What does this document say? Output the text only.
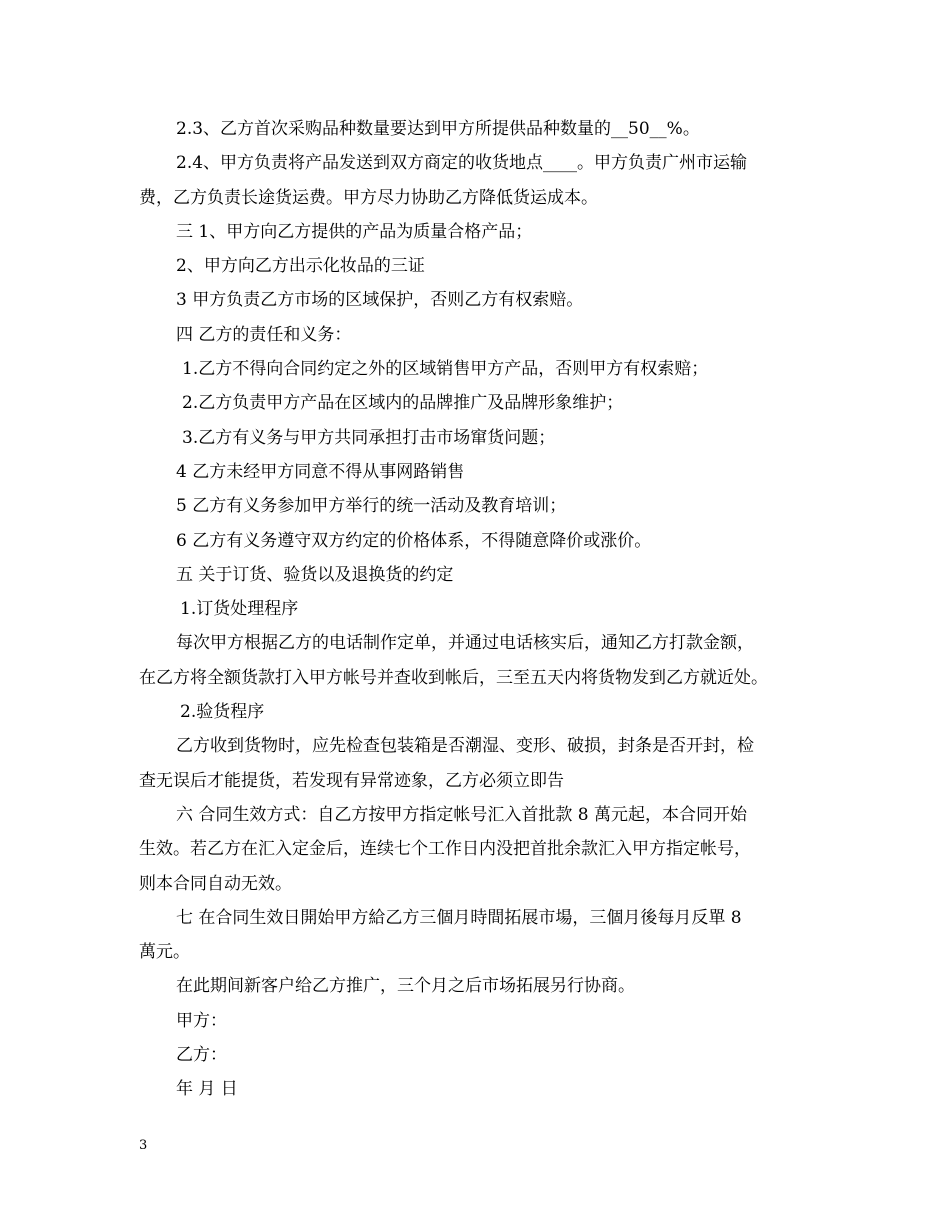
2.3、乙方首次采购品种数量要达到甲方所提供品种数量的__50__%。
2.4、甲方负责将产品发送到双方商定的收货地点____。甲方负责广州市运输
费，乙方负责长途货运费。甲方尽力协助乙方降低货运成本。
三 1、甲方向乙方提供的产品为质量合格产品；
2、甲方向乙方出示化妆品的三证
3 甲方负责乙方市场的区域保护，否则乙方有权索赔。
四 乙方的责任和义务：
1.乙方不得向合同约定之外的区域销售甲方产品，否则甲方有权索赔；
2.乙方负责甲方产品在区域内的品牌推广及品牌形象维护；
3.乙方有义务与甲方共同承担打击市场窜货问题；
4 乙方未经甲方同意不得从事网路销售
5 乙方有义务参加甲方举行的统一活动及教育培训；
6 乙方有义务遵守双方约定的价格体系，不得随意降价或涨价。
五 关于订货、验货以及退换货的约定
1.订货处理程序
每次甲方根据乙方的电话制作定单，并通过电话核实后，通知乙方打款金额，
在乙方将全额货款打入甲方帐号并查收到帐后，三至五天内将货物发到乙方就近处。
2.验货程序
乙方收到货物时，应先检查包装箱是否潮湿、变形、破损，封条是否开封，检
查无误后才能提货，若发现有异常迹象，乙方必须立即告
六 合同生效方式：自乙方按甲方指定帐号汇入首批款 8 萬元起，本合同开始
生效。若乙方在汇入定金后，连续七个工作日内没把首批余款汇入甲方指定帐号，
则本合同自动无效。
七 在合同生效日開始甲方給乙方三個月時間拓展市場，三個月後每月反單 8
萬元。
在此期间新客户给乙方推广，三个月之后市场拓展另行协商。
甲方：
乙方：
年 月 日
3
